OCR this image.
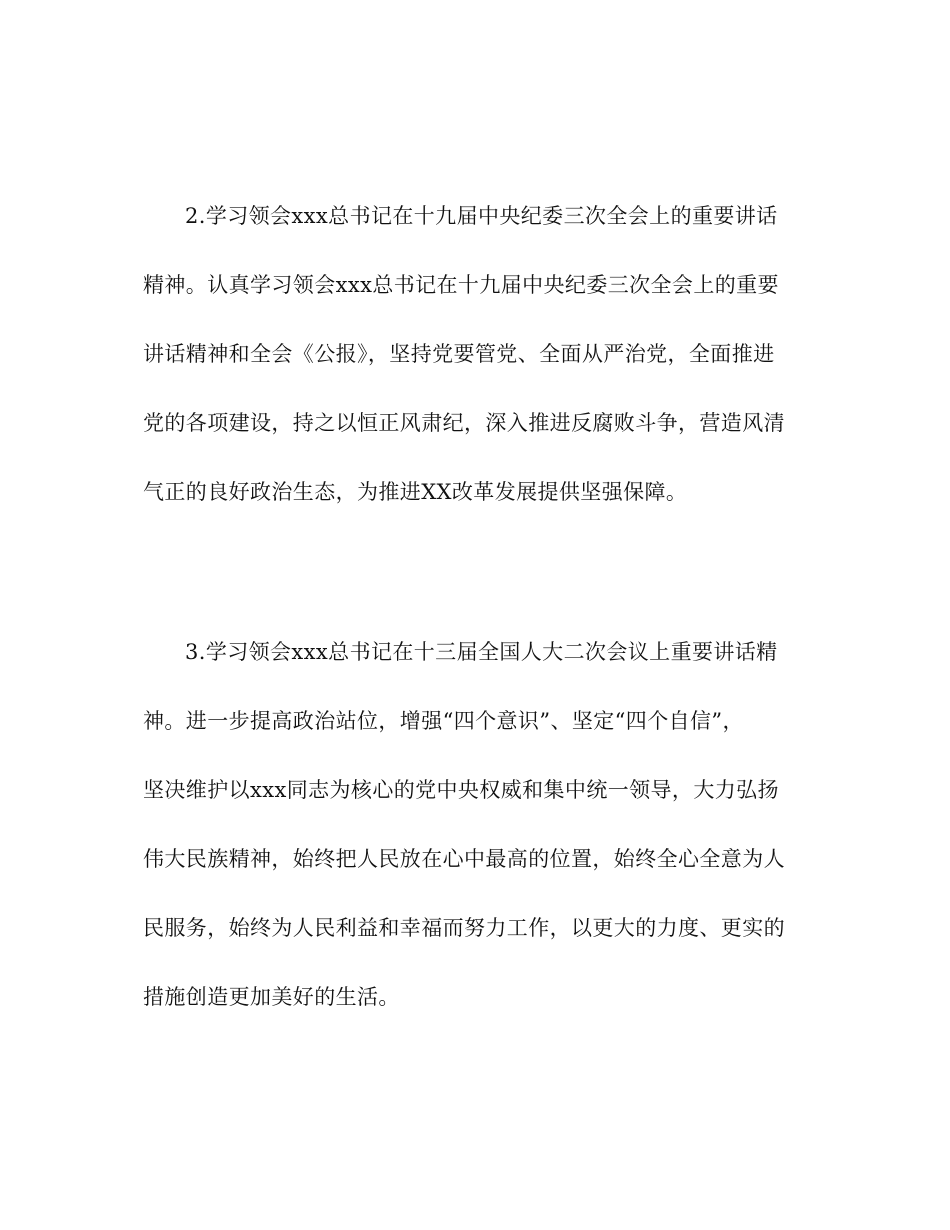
2.学习领会xxx总书记在十九届中央纪委三次全会上的重要讲话
精神。认真学习领会xxx总书记在十九届中央纪委三次全会上的重要
讲话精神和全会《公报》，坚持党要管党、全面从严治党，全面推进
党的各项建设，持之以恒正风肃纪，深入推进反腐败斗争，营造风清
气正的良好政治生态，为推进XX改革发展提供坚强保障。
3.学习领会xxx总书记在十三届全国人大二次会议上重要讲话精
神。进一步提高政治站位，增强“四个意识”、坚定“四个自信”，
坚决维护以xxx同志为核心的党中央权威和集中统一领导，大力弘扬
伟大民族精神，始终把人民放在心中最高的位置，始终全心全意为人
民服务，始终为人民利益和幸福而努力工作，以更大的力度、更实的
措施创造更加美好的生活。
